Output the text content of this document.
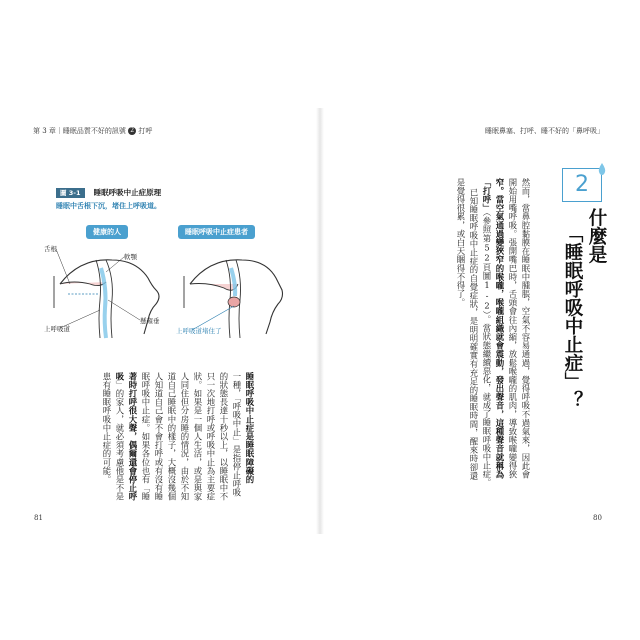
第 3 章｜睡眠品質不好的訊號 2 打呼
圖 3-1 睡眠呼吸中止症原理
睡眠中舌根下沉，堵住上呼吸道。
健康的人	睡眠呼吸中止症患者
舌根
軟顎
懸雍垂
上呼吸道	上呼吸道堵住了
睡眠呼吸中止症是睡眠障礙的
一種，「呼吸中止」是指停止呼吸
的狀態長達十秒以上，以睡眠中不
只一次地打呼或呼吸中止為主要症
狀。如果是一個人生活，或是與家
人同住但分房睡的情況，由於不知
道自己睡眠中的樣子，大概沒幾個
人知道自己會不會打呼或有沒有睡
眠呼吸中止症。如果各位也有「睡
著時打呼很大聲，偶爾還會停止呼
吸」的家人，就必須考慮他是不是
患有睡眠呼吸中止症的可能。
81
睡眠鼻塞、打呼、睡不好的「鼻呼吸」
2
什麼是
「睡眠呼吸中止症」？
然而，當鼻腔黏膜在睡眠中腫脹，空氣不容易通過，覺得呼吸不過氣來，因此會
開始用嘴呼吸。張開嘴巴時，舌頭會往內縮，放鬆喉嚨的肌肉，導致喉嚨變得狹
窄。當空氣通過變狹窄的喉嚨，喉嚨組織就會震動，發出聲音，這種聲音就稱為
「打呼」（參照第52頁圖1-2）。當狀態繼續惡化，就成了睡眠呼吸中止症。
已知睡眠呼吸中止症的自覺症狀，是明明確實有充足的睡眠時間，醒來時卻還
是覺得很累，或白天睏得不得了。
80
